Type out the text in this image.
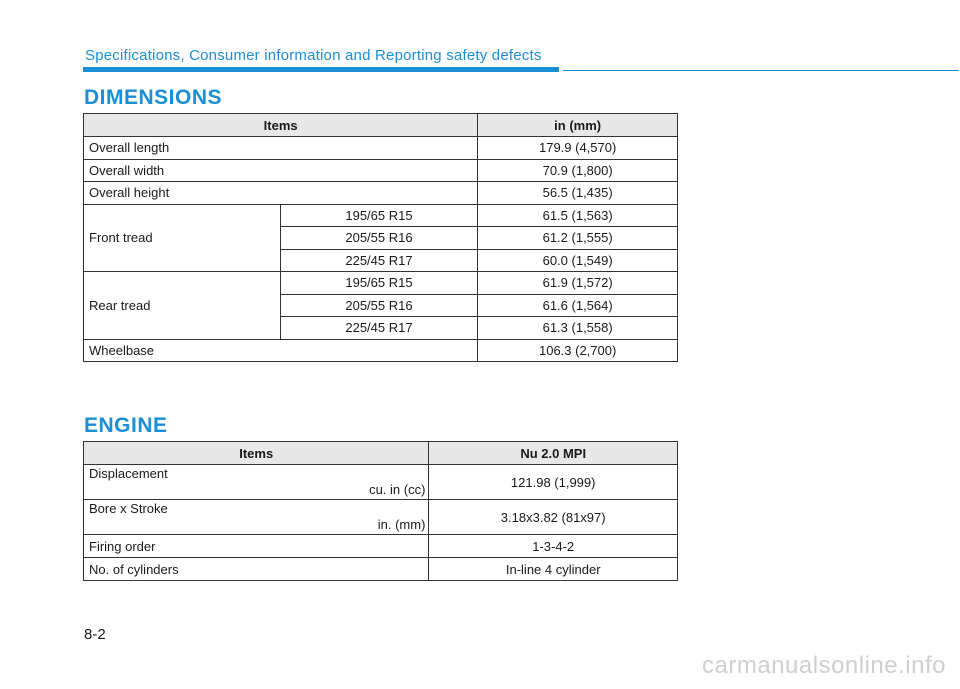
Specifications, Consumer information and Reporting safety defects
DIMENSIONS
Items		in (mm)
Overall length		179.9 (4,570)
Overall width		70.9 (1,800)
Overall height		56.5 (1,435)
Front tread	195/65 R15	61.5 (1,563)
	205/55 R16	61.2 (1,555)
	225/45 R17	60.0 (1,549)
Rear tread	195/65 R15	61.9 (1,572)
	205/55 R16	61.6 (1,564)
	225/45 R17	61.3 (1,558)
Wheelbase		106.3 (2,700)
ENGINE
Items	Nu 2.0 MPI

Displacement
cu. in (cc)	121.98 (1,999)

Bore x Stroke
in. (mm)	3.18x3.82 (81x97)
Firing order	1-3-4-2
No. of cylinders	In-line 4 cylinder
8-2
carmanualsonline.info
